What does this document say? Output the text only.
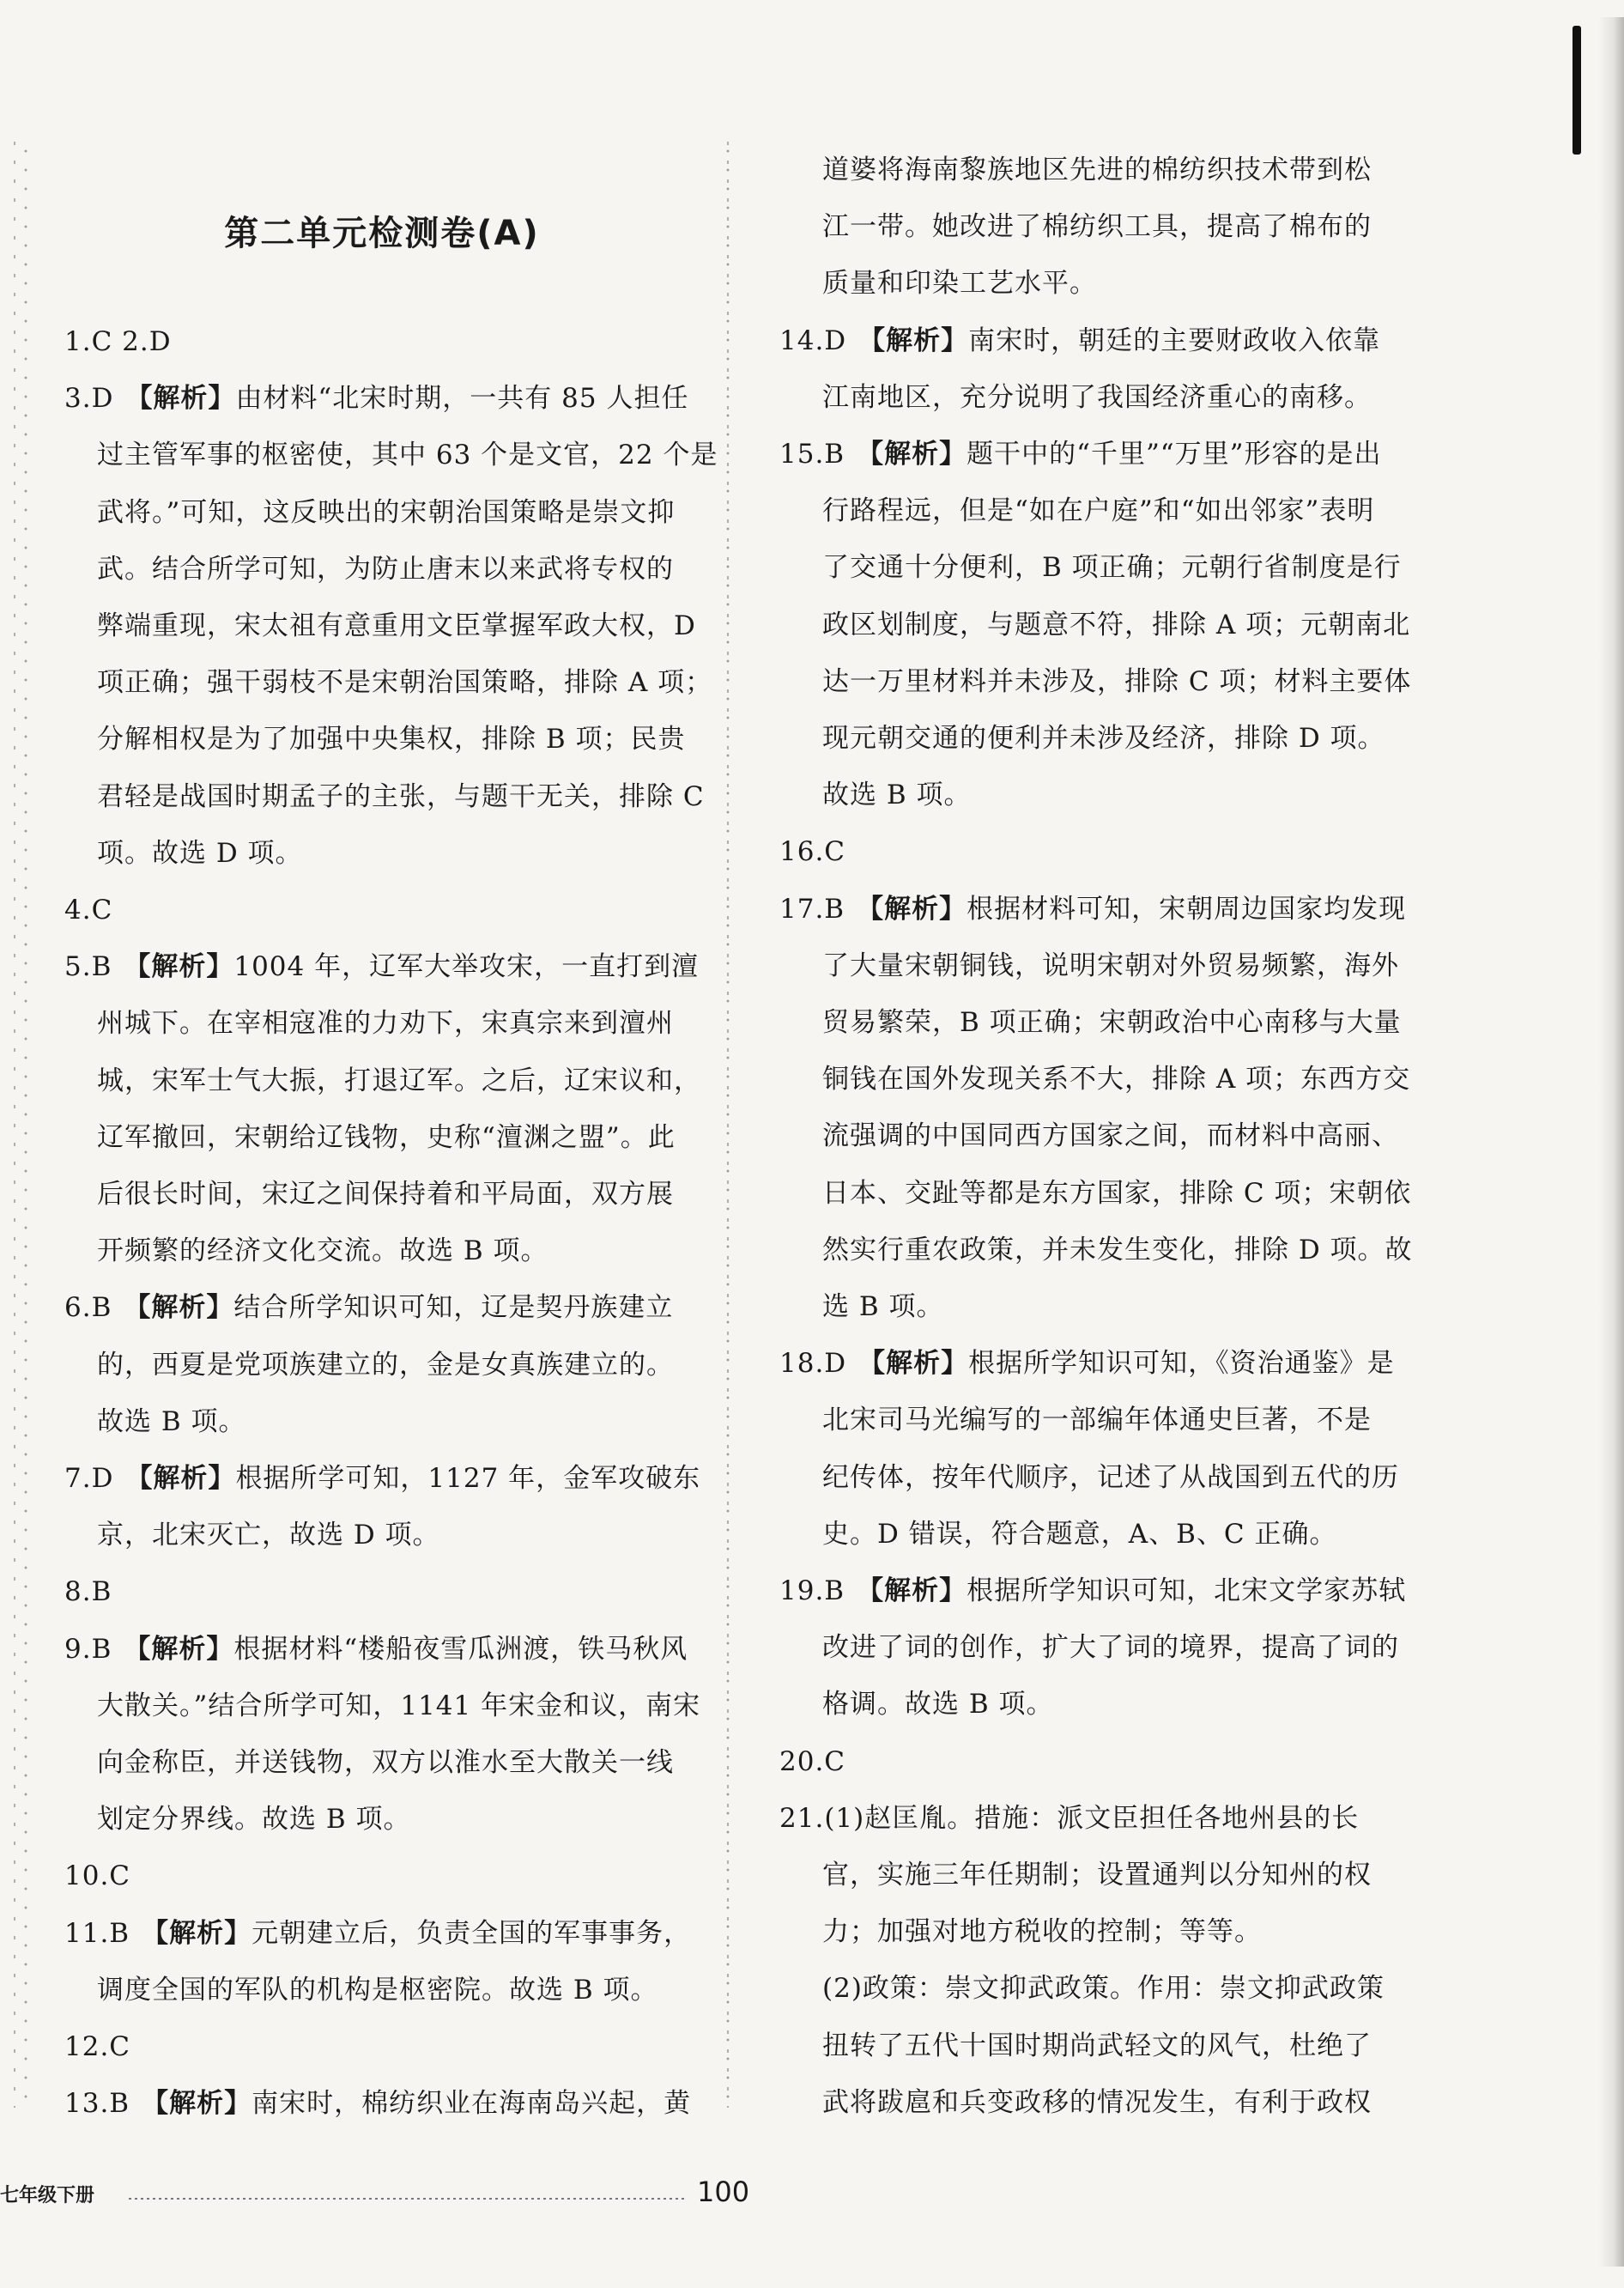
第二单元检测卷(A)
1.C 2.D
3.D 【解析】由材料“北宋时期，一共有 85 人担任
过主管军事的枢密使，其中 63 个是文官，22 个是
武将。”可知，这反映出的宋朝治国策略是崇文抑
武。结合所学可知，为防止唐末以来武将专权的
弊端重现，宋太祖有意重用文臣掌握军政大权，D
项正确；强干弱枝不是宋朝治国策略，排除 A 项；
分解相权是为了加强中央集权，排除 B 项；民贵
君轻是战国时期孟子的主张，与题干无关，排除 C
项。故选 D 项。
4.C
5.B 【解析】1004 年，辽军大举攻宋，一直打到澶
州城下。在宰相寇准的力劝下，宋真宗来到澶州
城，宋军士气大振，打退辽军。之后，辽宋议和，
辽军撤回，宋朝给辽钱物，史称“澶渊之盟”。此
后很长时间，宋辽之间保持着和平局面，双方展
开频繁的经济文化交流。故选 B 项。
6.B 【解析】结合所学知识可知，辽是契丹族建立
的，西夏是党项族建立的，金是女真族建立的。
故选 B 项。
7.D 【解析】根据所学可知，1127 年，金军攻破东
京，北宋灭亡，故选 D 项。
8.B
9.B 【解析】根据材料“楼船夜雪瓜洲渡，铁马秋风
大散关。”结合所学可知，1141 年宋金和议，南宋
向金称臣，并送钱物，双方以淮水至大散关一线
划定分界线。故选 B 项。
10.C
11.B 【解析】元朝建立后，负责全国的军事事务，
调度全国的军队的机构是枢密院。故选 B 项。
12.C
13.B 【解析】南宋时，棉纺织业在海南岛兴起，黄
道婆将海南黎族地区先进的棉纺织技术带到松
江一带。她改进了棉纺织工具，提高了棉布的
质量和印染工艺水平。
14.D 【解析】南宋时，朝廷的主要财政收入依靠
江南地区，充分说明了我国经济重心的南移。
15.B 【解析】题干中的“千里”“万里”形容的是出
行路程远，但是“如在户庭”和“如出邻家”表明
了交通十分便利，B 项正确；元朝行省制度是行
政区划制度，与题意不符，排除 A 项；元朝南北
达一万里材料并未涉及，排除 C 项；材料主要体
现元朝交通的便利并未涉及经济，排除 D 项。
故选 B 项。
16.C
17.B 【解析】根据材料可知，宋朝周边国家均发现
了大量宋朝铜钱，说明宋朝对外贸易频繁，海外
贸易繁荣，B 项正确；宋朝政治中心南移与大量
铜钱在国外发现关系不大，排除 A 项；东西方交
流强调的中国同西方国家之间，而材料中高丽、
日本、交趾等都是东方国家，排除 C 项；宋朝依
然实行重农政策，并未发生变化，排除 D 项。故
选 B 项。
18.D 【解析】根据所学知识可知，《资治通鉴》是
北宋司马光编写的一部编年体通史巨著，不是
纪传体，按年代顺序，记述了从战国到五代的历
史。D 错误，符合题意，A、B、C 正确。
19.B 【解析】根据所学知识可知，北宋文学家苏轼
改进了词的创作，扩大了词的境界，提高了词的
格调。故选 B 项。
20.C
21.(1)赵匡胤。措施：派文臣担任各地州县的长
官，实施三年任期制；设置通判以分知州的权
力；加强对地方税收的控制；等等。
(2)政策：崇文抑武政策。作用：崇文抑武政策
扭转了五代十国时期尚武轻文的风气，杜绝了
武将跋扈和兵变政移的情况发生，有利于政权
七年级下册	100
